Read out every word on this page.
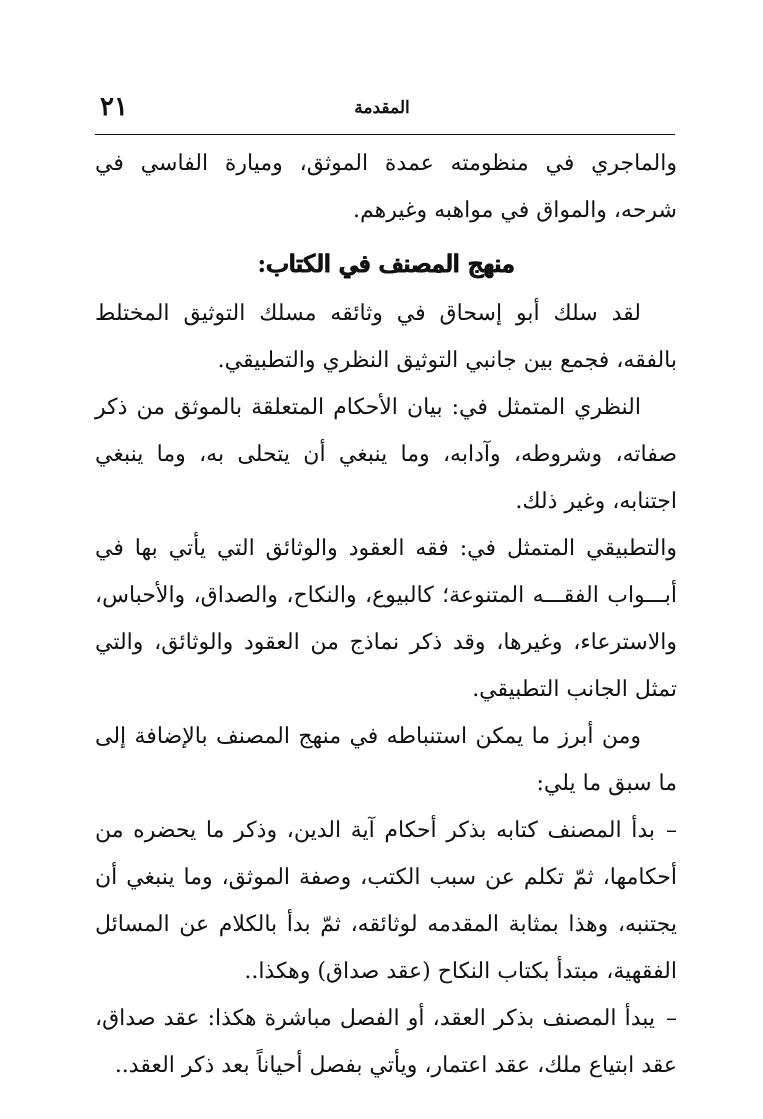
المقدمة
٢١

والماجري في منظومته عمدة الموثق، وميارة الفاسي في شرحه، والمواق في مواهبه وغيرهم.

منهج المصنف في الكتاب:

لقد سلك أبو إسحاق في وثائقه مسلك التوثيق المختلط بالفقه، فجمع بين جانبي التوثيق النظري والتطبيقي.

النظري المتمثل في: بيان الأحكام المتعلقة بالموثق من ذكر صفاته، وشروطه، وآدابه، وما ينبغي أن يتحلى به، وما ينبغي اجتنابه، وغير ذلك.

والتطبيقي المتمثل في: فقه العقود والوثائق التي يأتي بها في أبـــواب الفقـــه المتنوعة؛ كالبيوع، والنكاح، والصداق، والأحباس، والاسترعاء، وغيرها، وقد ذكر نماذج من العقود والوثائق، والتي تمثل الجانب التطبيقي.

ومن أبرز ما يمكن استنباطه في منهج المصنف بالإضافة إلى ما سبق ما يلي:

–بدأ المصنف كتابه بذكر أحكام آية الدين، وذكر ما يحضره من أحكامها، ثمّ تكلم عن سبب الكتب، وصفة الموثق، وما ينبغي أن يجتنبه، وهذا بمثابة المقدمه لوثائقه، ثمّ بدأ بالكلام عن المسائل الفقهية، مبتدأ بكتاب النكاح (عقد صداق) وهكذا..

–يبدأ المصنف بذكر العقد، أو الفصل مباشرة هكذا: عقد صداق، عقد ابتياع ملك، عقد اعتمار، ويأتي بفصل أحياناً بعد ذكر العقد..
